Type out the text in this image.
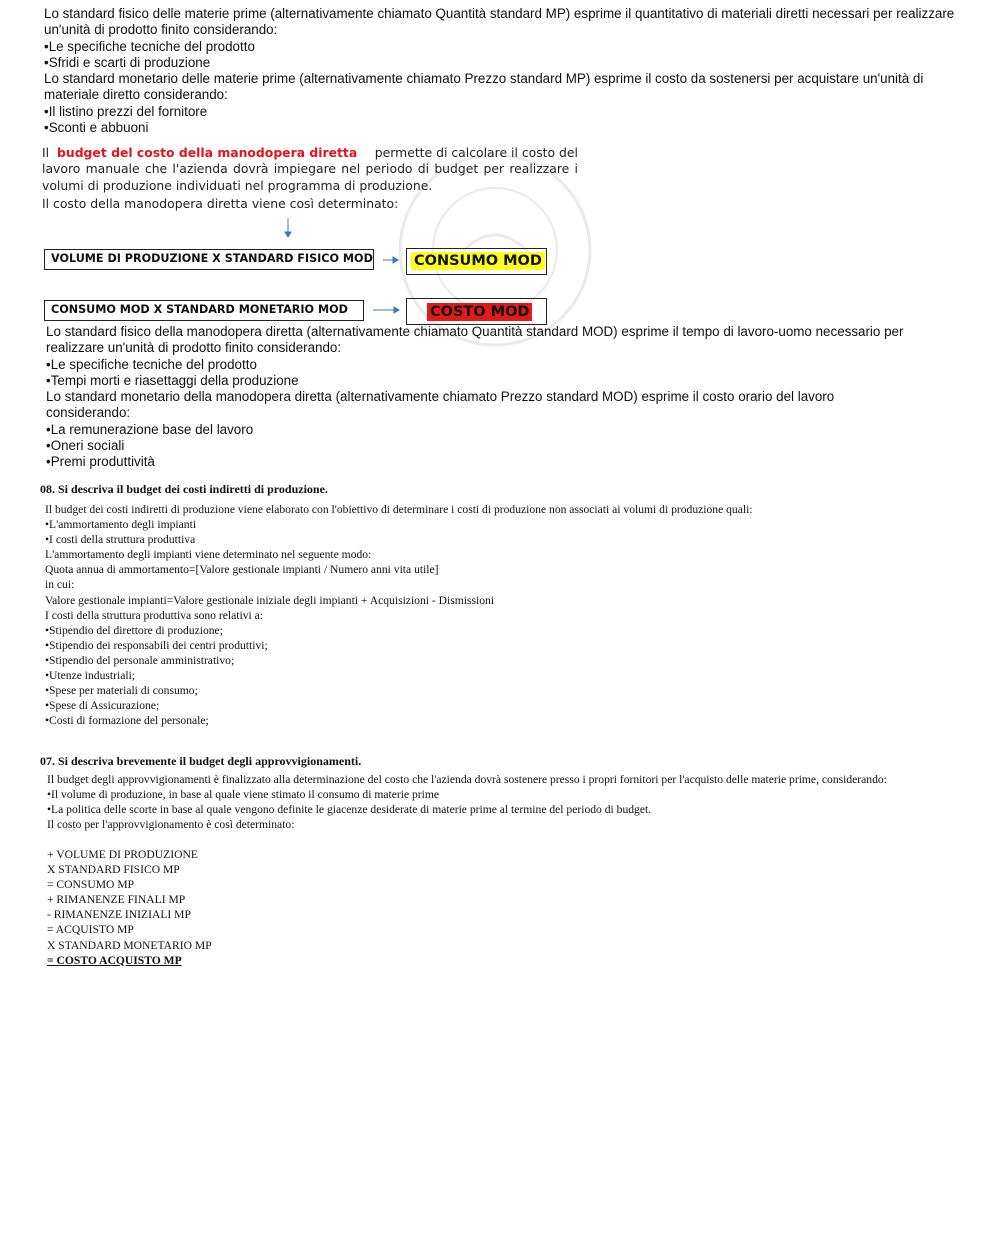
Lo standard fisico delle materie prime (alternativamente chiamato Quantità standard MP) esprime il quantitativo di materiali diretti necessari per realizzare
un'unità di prodotto finito considerando:
•Le specifiche tecniche del prodotto
•Sfridi e scarti di produzione
Lo standard monetario delle materie prime (alternativamente chiamato Prezzo standard MP) esprime il costo da sostenersi per acquistare un'unità di
materiale diretto considerando:
•Il listino prezzi del fornitore
•Sconti e abbuoni
Il budget del costo della manodopera diretta permette di calcolare il costo del
lavoro manuale che l'azienda dovrà impiegare nel periodo di budget per realizzare i
volumi di produzione individuati nel programma di produzione.
Il costo della manodopera diretta viene così determinato:
VOLUME DI PRODUZIONE X STANDARD FISICO MOD	CONSUMO MOD
CONSUMO MOD X STANDARD MONETARIO MOD	COSTO MOD
Lo standard fisico della manodopera diretta (alternativamente chiamato Quantità standard MOD) esprime il tempo di lavoro-uomo necessario per
realizzare un'unità di prodotto finito considerando:
•Le specifiche tecniche del prodotto
•Tempi morti e riasettaggi della produzione
Lo standard monetario della manodopera diretta (alternativamente chiamato Prezzo standard MOD) esprime il costo orario del lavoro
considerando:
•La remunerazione base del lavoro
•Oneri sociali
•Premi produttività
08. Si descriva il budget dei costi indiretti di produzione.
Il budget dei costi indiretti di produzione viene elaborato con l'obiettivo di determinare i costi di produzione non associati ai volumi di produzione quali:
•L'ammortamento degli impianti
•I costi della struttura produttiva
L'ammortamento degli impianti viene determinato nel seguente modo:
Quota annua di ammortamento=[Valore gestionale impianti / Numero anni vita utile]
in cui:
Valore gestionale impianti=Valore gestionale iniziale degli impianti + Acquisizioni - Dismissioni
I costi della struttura produttiva sono relativi a:
•Stipendio del direttore di produzione;
•Stipendio dei responsabili dei centri produttivi;
•Stipendio del personale amministrativo;
•Utenze industriali;
•Spese per materiali di consumo;
•Spese di Assicurazione;
•Costi di formazione del personale;
07. Si descriva brevemente il budget degli approvvigionamenti.
Il budget degli approvvigionamenti è finalizzato alla determinazione del costo che l'azienda dovrà sostenere presso i propri fornitori per l'acquisto delle materie prime, considerando:
•Il volume di produzione, in base al quale viene stimato il consumo di materie prime
•La politica delle scorte in base al quale vengono definite le giacenze desiderate di materie prime al termine del periodo di budget.
Il costo per l'approvvigionamento è così determinato:
+ VOLUME DI PRODUZIONE
X STANDARD FISICO MP
= CONSUMO MP
+ RIMANENZE FINALI MP
- RIMANENZE INIZIALI MP
= ACQUISTO MP
X STANDARD MONETARIO MP
= COSTO ACQUISTO MP
